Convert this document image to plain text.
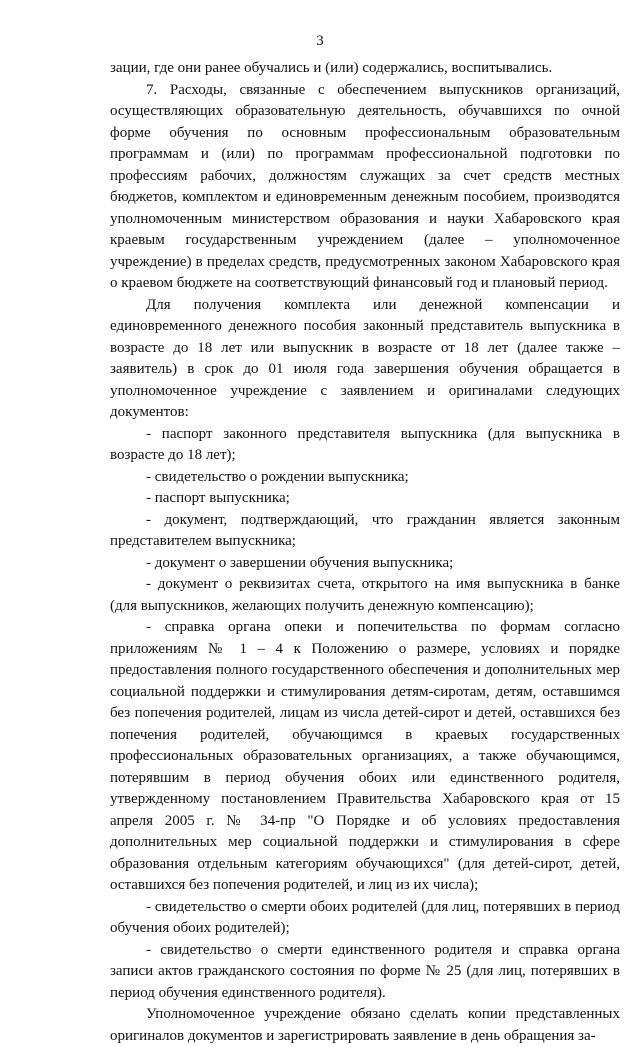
3

зации, где они ранее обучались и (или) содержались, воспитывались.

7. Расходы, связанные с обеспечением выпускников организаций, осуществляющих образовательную деятельность, обучавшихся по очной форме обучения по основным профессиональным образовательным программам и (или) по программам профессиональной подготовки по профессиям рабочих, должностям служащих за счет средств местных бюджетов, комплектом и единовременным денежным пособием, производятся уполномоченным министерством образования и науки Хабаровского края краевым государственным учреждением (далее – уполномоченное учреждение) в пределах средств, предусмотренных законом Хабаровского края о краевом бюджете на соответствующий финансовый год и плановый период.

Для получения комплекта или денежной компенсации и единовременного денежного пособия законный представитель выпускника в возрасте до 18 лет или выпускник в возрасте от 18 лет (далее также – заявитель) в срок до 01 июля года завершения обучения обращается в уполномоченное учреждение с заявлением и оригиналами следующих документов:

- паспорт законного представителя выпускника (для выпускника в возрасте до 18 лет);

- свидетельство о рождении выпускника;

- паспорт выпускника;

- документ, подтверждающий, что гражданин является законным представителем выпускника;

- документ о завершении обучения выпускника;

- документ о реквизитах счета, открытого на имя выпускника в банке (для выпускников, желающих получить денежную компенсацию);

- справка органа опеки и попечительства по формам согласно приложениям № 1 – 4 к Положению о размере, условиях и порядке предоставления полного государственного обеспечения и дополнительных мер социальной поддержки и стимулирования детям-сиротам, детям, оставшимся без попечения родителей, лицам из числа детей-сирот и детей, оставшихся без попечения родителей, обучающимся в краевых государственных профессиональных образовательных организациях, а также обучающимся, потерявшим в период обучения обоих или единственного родителя, утвержденному постановлением Правительства Хабаровского края от 15 апреля 2005 г. № 34-пр "О Порядке и об условиях предоставления дополнительных мер социальной поддержки и стимулирования в сфере образования отдельным категориям обучающихся" (для детей-сирот, детей, оставшихся без попечения родителей, и лиц из их числа);

- свидетельство о смерти обоих родителей (для лиц, потерявших в период обучения обоих родителей);

- свидетельство о смерти единственного родителя и справка органа записи актов гражданского состояния по форме № 25 (для лиц, потерявших в период обучения единственного родителя).

Уполномоченное учреждение обязано сделать копии представленных оригиналов документов и зарегистрировать заявление в день обращения за-
